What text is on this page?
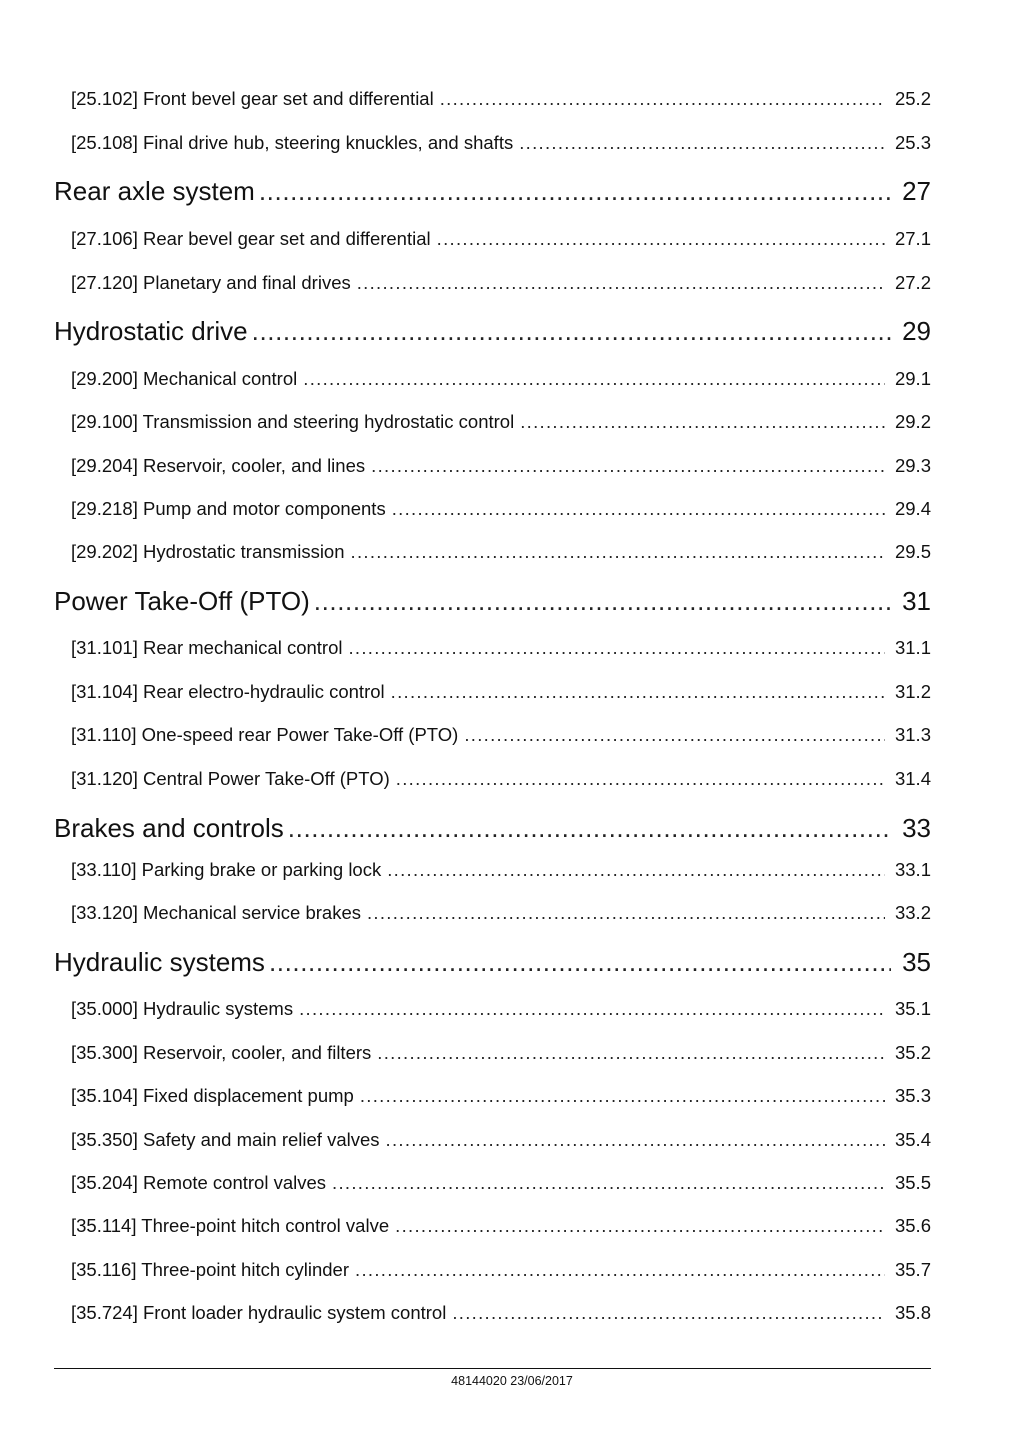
[25.102] Front bevel gear set and differential .....	25.2
[25.108] Final drive hub, steering knuckles, and shafts .....	25.3
Rear axle system .....	27
[27.106] Rear bevel gear set and differential .....	27.1
[27.120] Planetary and final drives .....	27.2
Hydrostatic drive .....	29
[29.200] Mechanical control .....	29.1
[29.100] Transmission and steering hydrostatic control .....	29.2
[29.204] Reservoir, cooler, and lines .....	29.3
[29.218] Pump and motor components .....	29.4
[29.202] Hydrostatic transmission .....	29.5
Power Take-Off (PTO) .....	31
[31.101] Rear mechanical control .....	31.1
[31.104] Rear electro-hydraulic control .....	31.2
[31.110] One-speed rear Power Take-Off (PTO) .....	31.3
[31.120] Central Power Take-Off (PTO) .....	31.4
Brakes and controls .....	33
[33.110] Parking brake or parking lock .....	33.1
[33.120] Mechanical service brakes .....	33.2
Hydraulic systems .....	35
[35.000] Hydraulic systems .....	35.1
[35.300] Reservoir, cooler, and filters .....	35.2
[35.104] Fixed displacement pump .....	35.3
[35.350] Safety and main relief valves .....	35.4
[35.204] Remote control valves .....	35.5
[35.114] Three-point hitch control valve .....	35.6
[35.116] Three-point hitch cylinder .....	35.7
[35.724] Front loader hydraulic system control .....	35.8
48144020 23/06/2017
